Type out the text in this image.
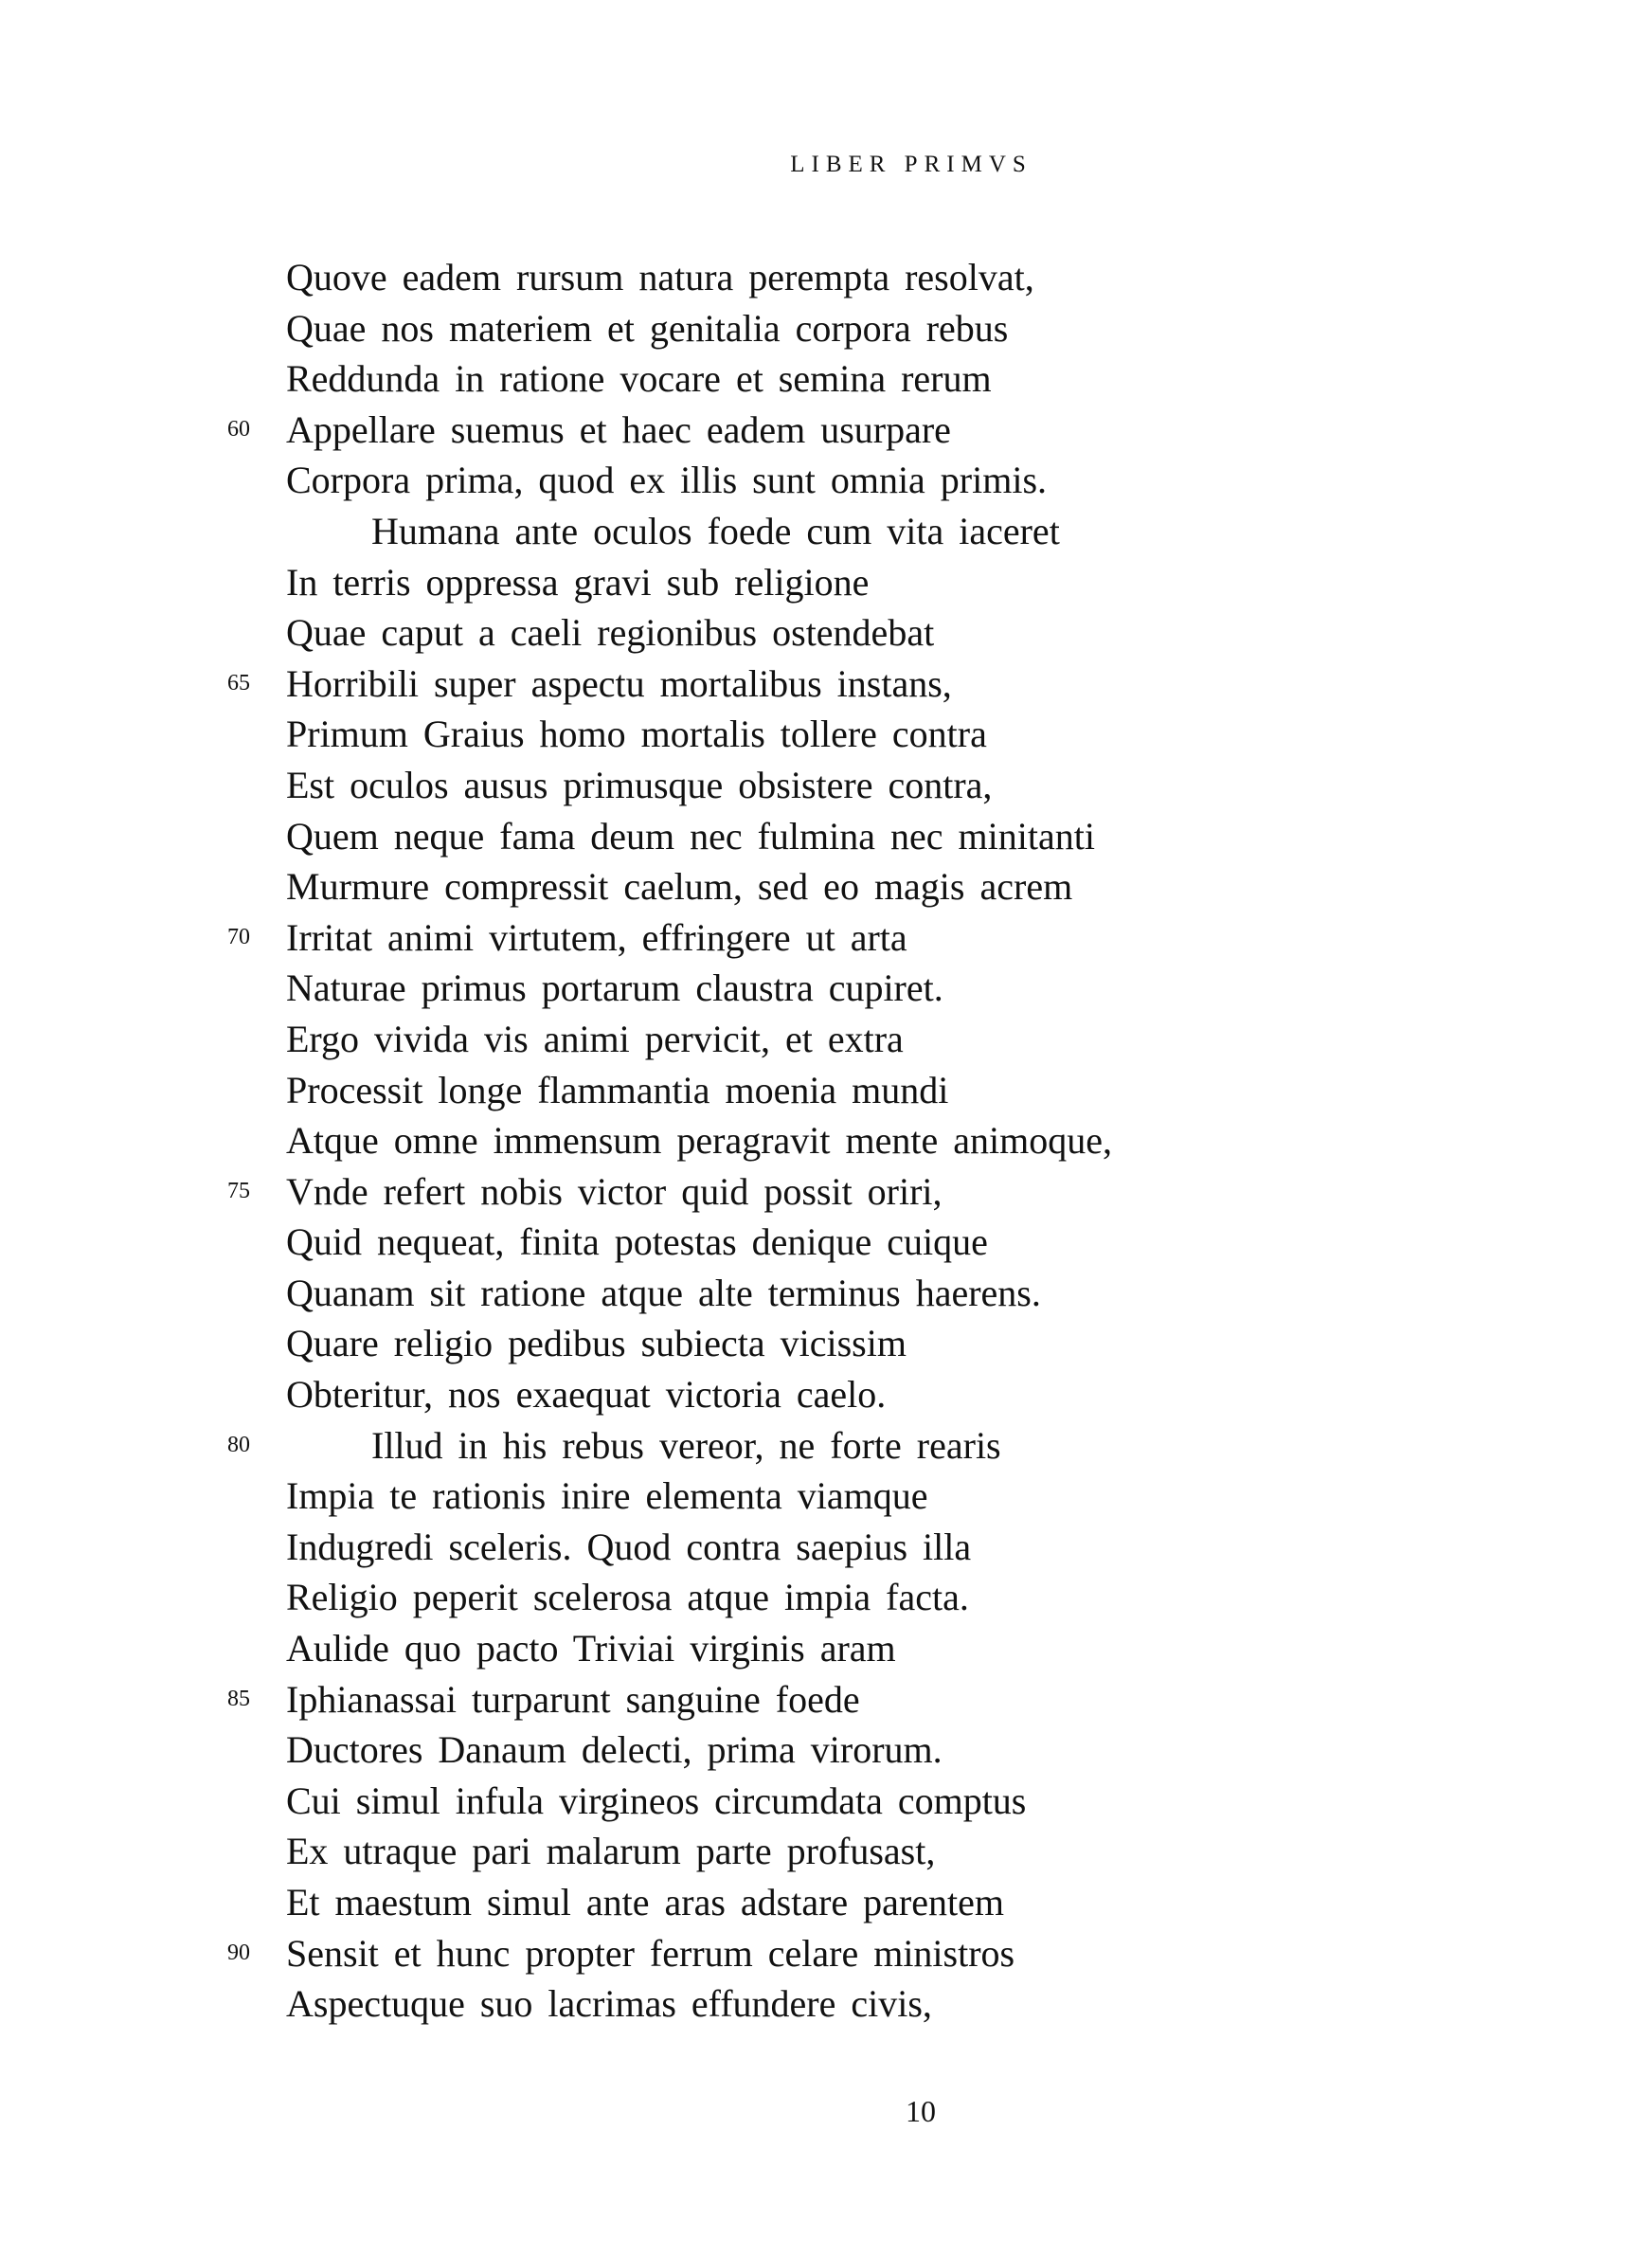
LIBER PRIMVS
Quove eadem rursum natura perempta resolvat,
Quae nos materiem et genitalia corpora rebus
Reddunda in ratione vocare et semina rerum
60 Appellare suemus et haec eadem usurpare
Corpora prima, quod ex illis sunt omnia primis.
Humana ante oculos foede cum vita iaceret
In terris oppressa gravi sub religione
Quae caput a caeli regionibus ostendebat
65 Horribili super aspectu mortalibus instans,
Primum Graius homo mortalis tollere contra
Est oculos ausus primusque obsistere contra,
Quem neque fama deum nec fulmina nec minitanti
Murmure compressit caelum, sed eo magis acrem
70 Irritat animi virtutem, effringere ut arta
Naturae primus portarum claustra cupiret.
Ergo vivida vis animi pervicit, et extra
Processit longe flammantia moenia mundi
Atque omne immensum peragravit mente animoque,
75 Vnde refert nobis victor quid possit oriri,
Quid nequeat, finita potestas denique cuique
Quanam sit ratione atque alte terminus haerens.
Quare religio pedibus subiecta vicissim
Obteritur, nos exaequat victoria caelo.
80	Illud in his rebus vereor, ne forte rearis
Impia te rationis inire elementa viamque
Indugredi sceleris. Quod contra saepius illa
Religio peperit scelerosa atque impia facta.
Aulide quo pacto Triviai virginis aram
85 Iphianassai turparunt sanguine foede
Ductores Danaum delecti, prima virorum.
Cui simul infula virgineos circumdata comptus
Ex utraque pari malarum parte profusast,
Et maestum simul ante aras adstare parentem
90 Sensit et hunc propter ferrum celare ministros
Aspectuque suo lacrimas effundere civis,
10
